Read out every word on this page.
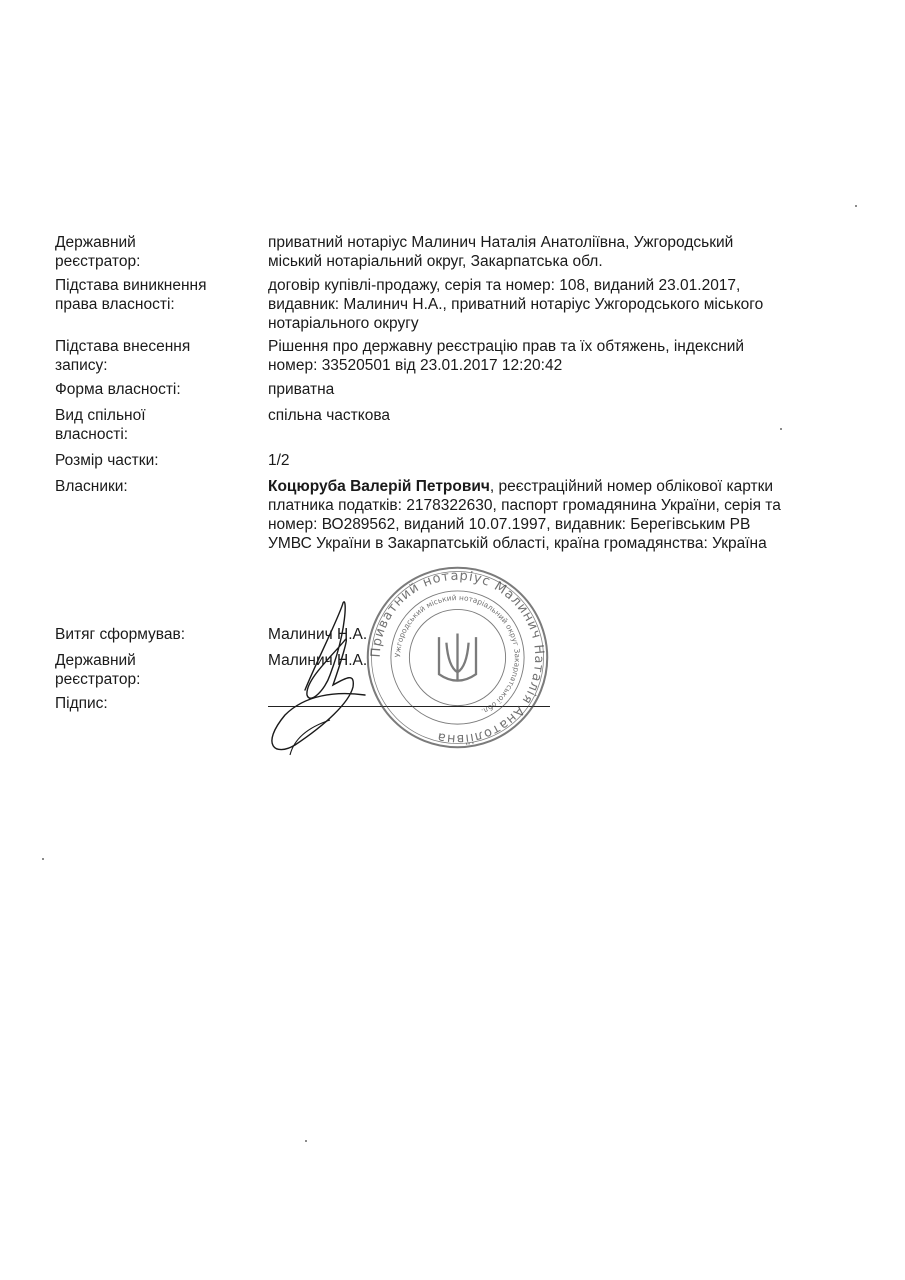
Державний реєстратор:
приватний нотаріус Малинич Наталія Анатоліївна, Ужгородський міський нотаріальний округ, Закарпатська обл.
Підстава виникнення права власності:
договір купівлі-продажу, серія та номер: 108, виданий 23.01.2017, видавник: Малинич Н.А., приватний нотаріус Ужгородського міського нотаріального округу
Підстава внесення запису:
Рішення про державну реєстрацію прав та їх обтяжень, індексний номер: 33520501 від 23.01.2017 12:20:42
Форма власності:	приватна
Вид спільної власності:
спільна часткова
Розмір частки:	1/2
Власники:	Коцюруба Валерій Петрович, реєстраційний номер облікової картки платника податків: 2178322630, паспорт громадянина України, серія та номер: ВО289562, виданий 10.07.1997, видавник: Берегівським РВ УМВС України в Закарпатській області, країна громадянства: Україна
Витяг сформував:	Малинич Н.А.
Державний реєстратор:
Малинич Н.А.
Підпис:
Приватний нотаріус Малинич Наталія Анатоліївна
Ужгородський міський нотаріальний округ Закарпатської обл.
